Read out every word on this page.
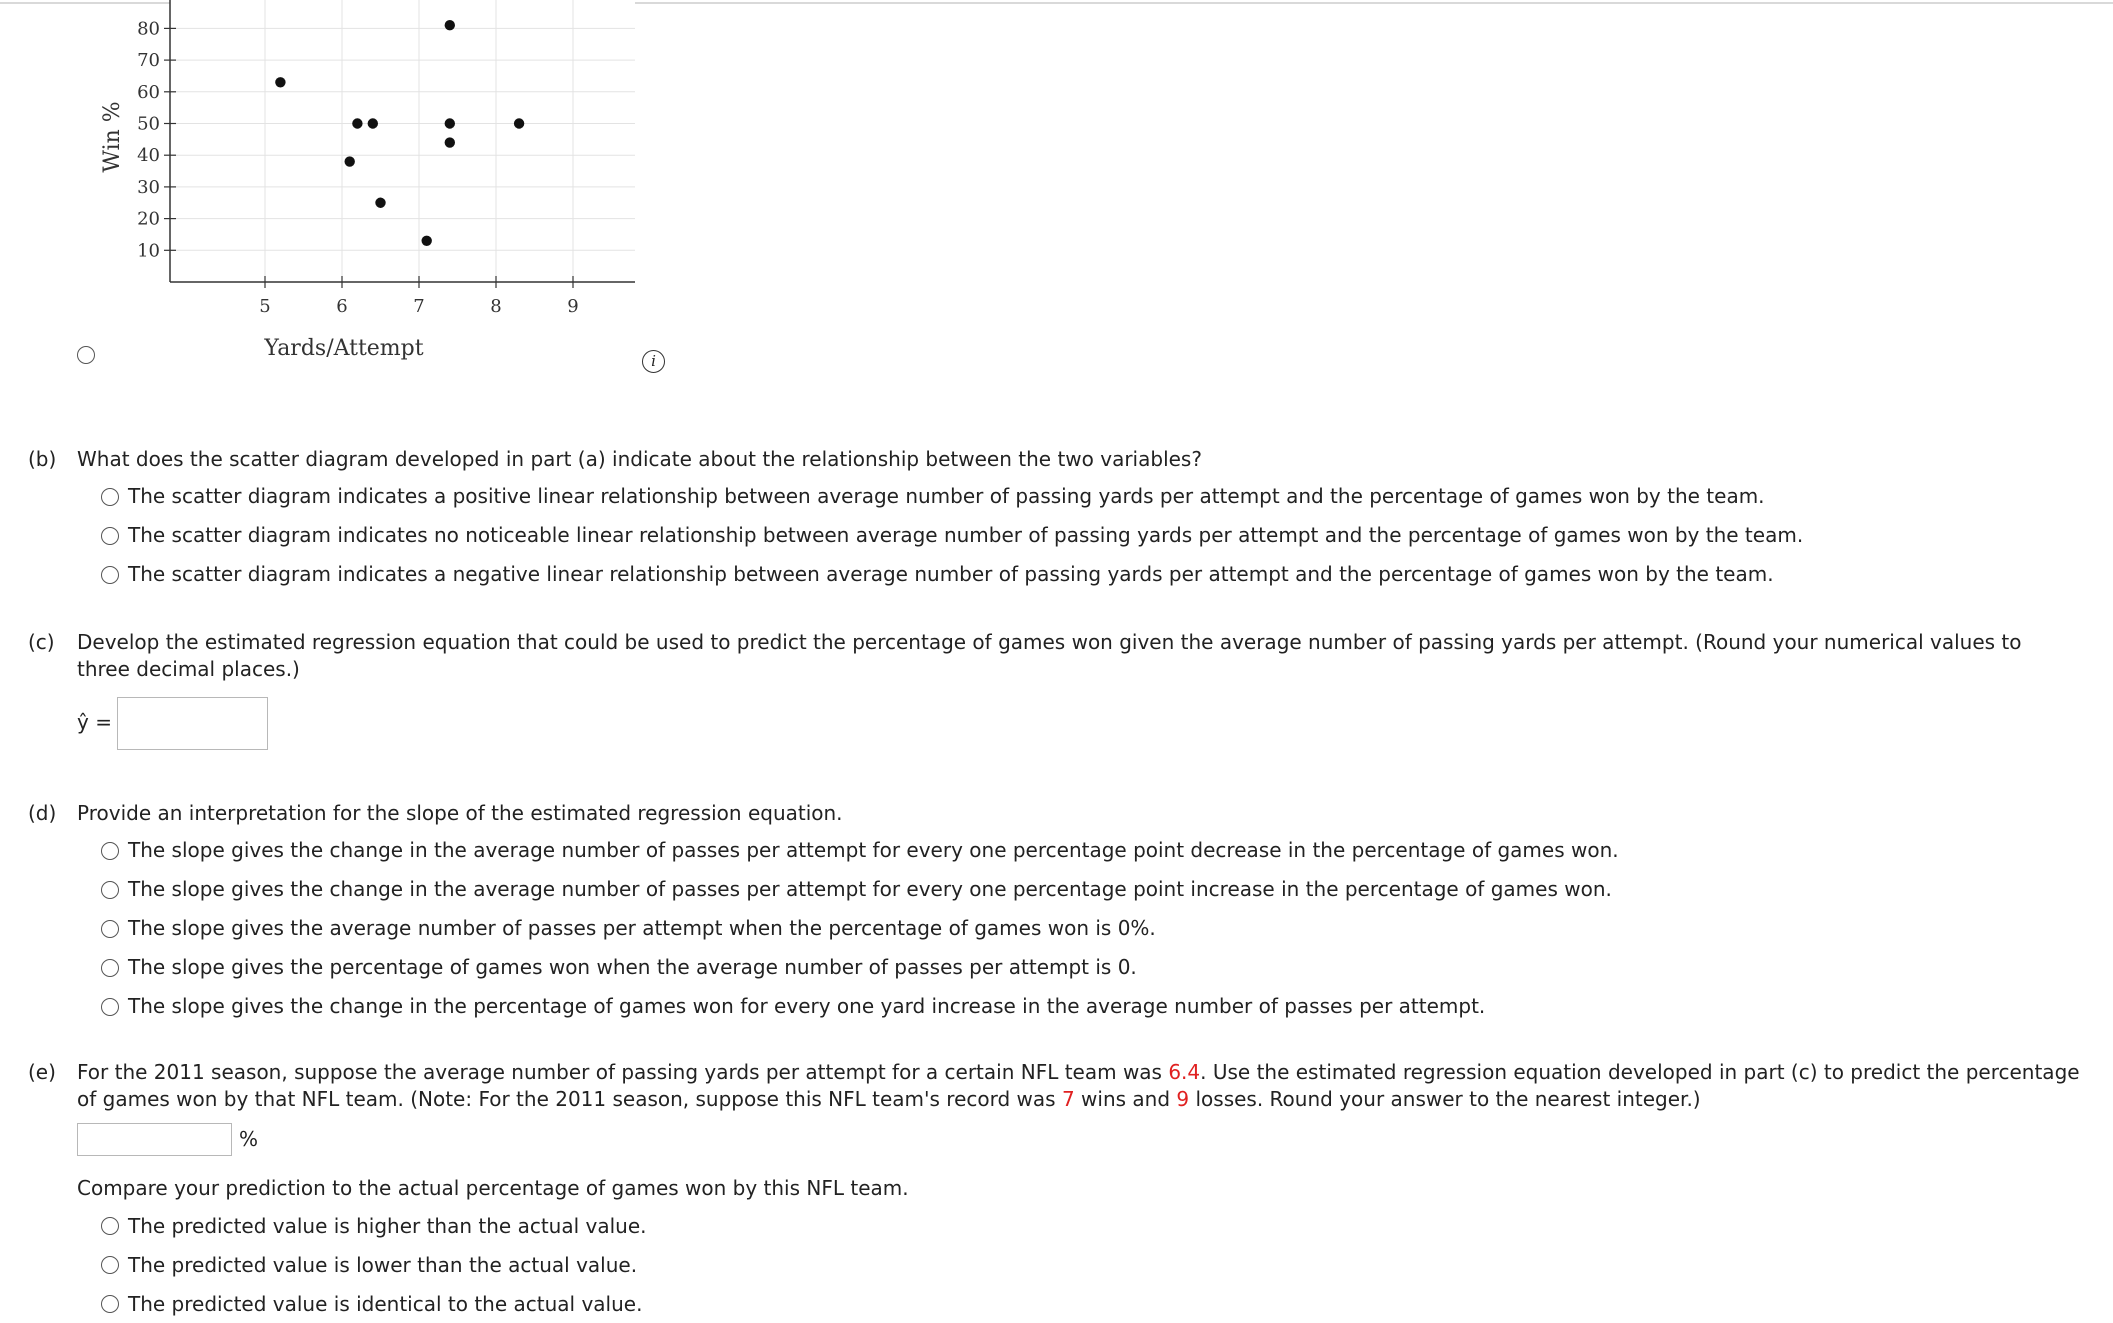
10
20
30
40
50
60
70
80
5	6	7	8	9
Yards/Attempt
Win %
i
(b) What does the scatter diagram developed in part (a) indicate about the relationship between the two variables?
The scatter diagram indicates a positive linear relationship between average number of passing yards per attempt and the percentage of games won by the team.
The scatter diagram indicates no noticeable linear relationship between average number of passing yards per attempt and the percentage of games won by the team.
The scatter diagram indicates a negative linear relationship between average number of passing yards per attempt and the percentage of games won by the team.
(c) Develop the estimated regression equation that could be used to predict the percentage of games won given the average number of passing yards per attempt. (Round your numerical values to three decimal places.)
ŷ =
(d) Provide an interpretation for the slope of the estimated regression equation.
The slope gives the change in the average number of passes per attempt for every one percentage point decrease in the percentage of games won.
The slope gives the change in the average number of passes per attempt for every one percentage point increase in the percentage of games won.
The slope gives the average number of passes per attempt when the percentage of games won is 0%.
The slope gives the percentage of games won when the average number of passes per attempt is 0.
The slope gives the change in the percentage of games won for every one yard increase in the average number of passes per attempt.
(e) For the 2011 season, suppose the average number of passing yards per attempt for a certain NFL team was 6.4. Use the estimated regression equation developed in part (c) to predict the percentage of games won by that NFL team. (Note: For the 2011 season, suppose this NFL team's record was 7 wins and 9 losses. Round your answer to the nearest integer.)
%
Compare your prediction to the actual percentage of games won by this NFL team.
The predicted value is higher than the actual value.
The predicted value is lower than the actual value.
The predicted value is identical to the actual value.
